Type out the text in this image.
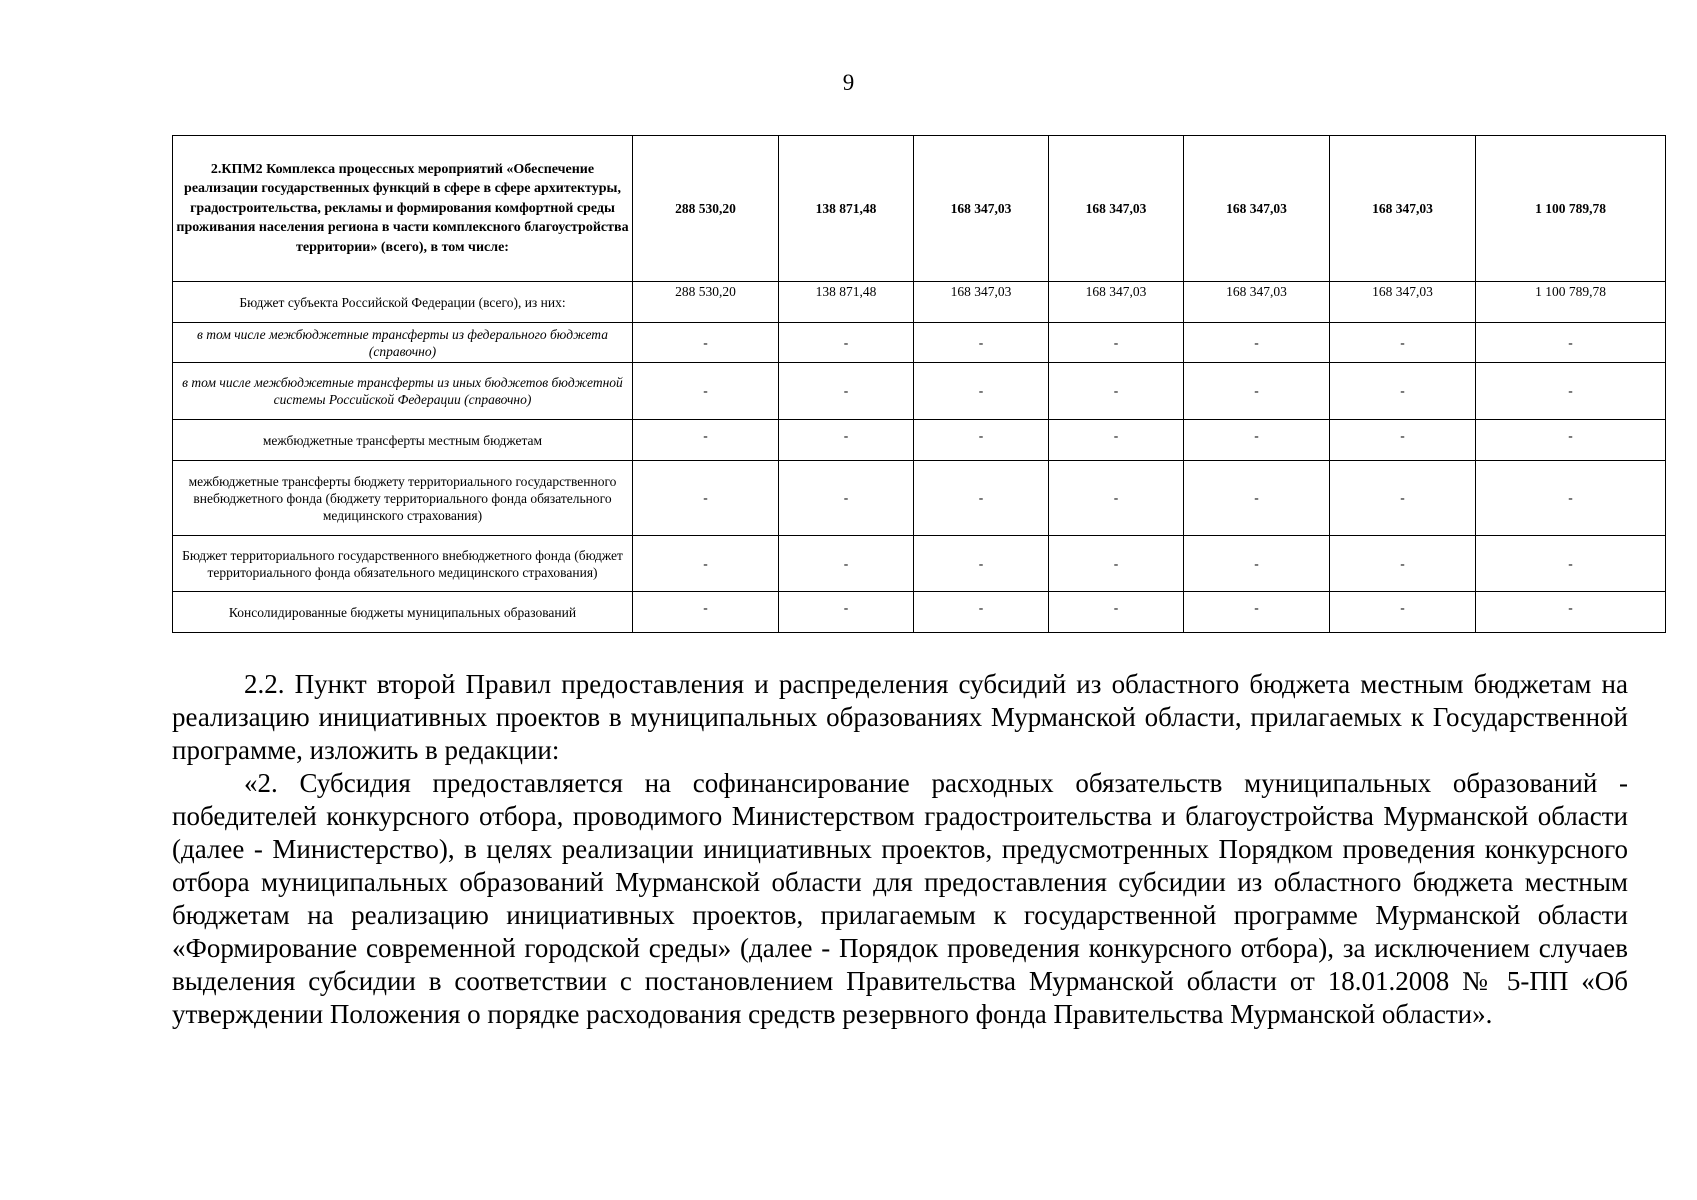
9
2.КПМ2 Комплекса процессных мероприятий «Обеспечение реализации государственных функций в сфере в сфере архитектуры, градостроительства, рекламы и формирования комфортной среды проживания населения региона в части комплексного благоустройства территории» (всего), в том числе:	288 530,20	138 871,48	168 347,03	168 347,03	168 347,03	168 347,03	1 100 789,78
Бюджет субъекта Российской Федерации (всего), из них:	288 530,20	138 871,48	168 347,03	168 347,03	168 347,03	168 347,03	1 100 789,78
в том числе межбюджетные трансферты из федерального бюджета (справочно)	-	-	-	-	-	-	-
в том числе межбюджетные трансферты из иных бюджетов бюджетной системы Российской Федерации (справочно)	-	-	-	-	-	-	-
межбюджетные трансферты местным бюджетам	-	-	-	-	-	-	-
межбюджетные трансферты бюджету территориального государственного внебюджетного фонда (бюджету территориального фонда обязательного медицинского страхования)	-	-	-	-	-	-	-
Бюджет территориального государственного внебюджетного фонда (бюджет территориального фонда обязательного медицинского страхования)	-	-	-	-	-	-	-
Консолидированные бюджеты муниципальных образований	-	-	-	-	-	-	-

2.2. Пункт второй Правил предоставления и распределения субсидий из областного бюджета местным бюджетам на реализацию инициативных проектов в муниципальных образованиях Мурманской области, прилагаемых к Государственной программе, изложить в редакции:

«2. Субсидия предоставляется на софинансирование расходных обязательств муниципальных образований - победителей конкурсного отбора, проводимого Министерством градостроительства и благоустройства Мурманской области (далее - Министерство), в целях реализации инициативных проектов, предусмотренных Порядком проведения конкурсного отбора муниципальных образований Мурманской области для предоставления субсидии из областного бюджета местным бюджетам на реализацию инициативных проектов, прилагаемым к государственной программе Мурманской области «Формирование современной городской среды» (далее - Порядок проведения конкурсного отбора), за исключением случаев выделения субсидии в соответствии с постановлением Правительства Мурманской области от 18.01.2008 № 5-ПП «Об утверждении Положения о порядке расходования средств резервного фонда Правительства Мурманской области».
